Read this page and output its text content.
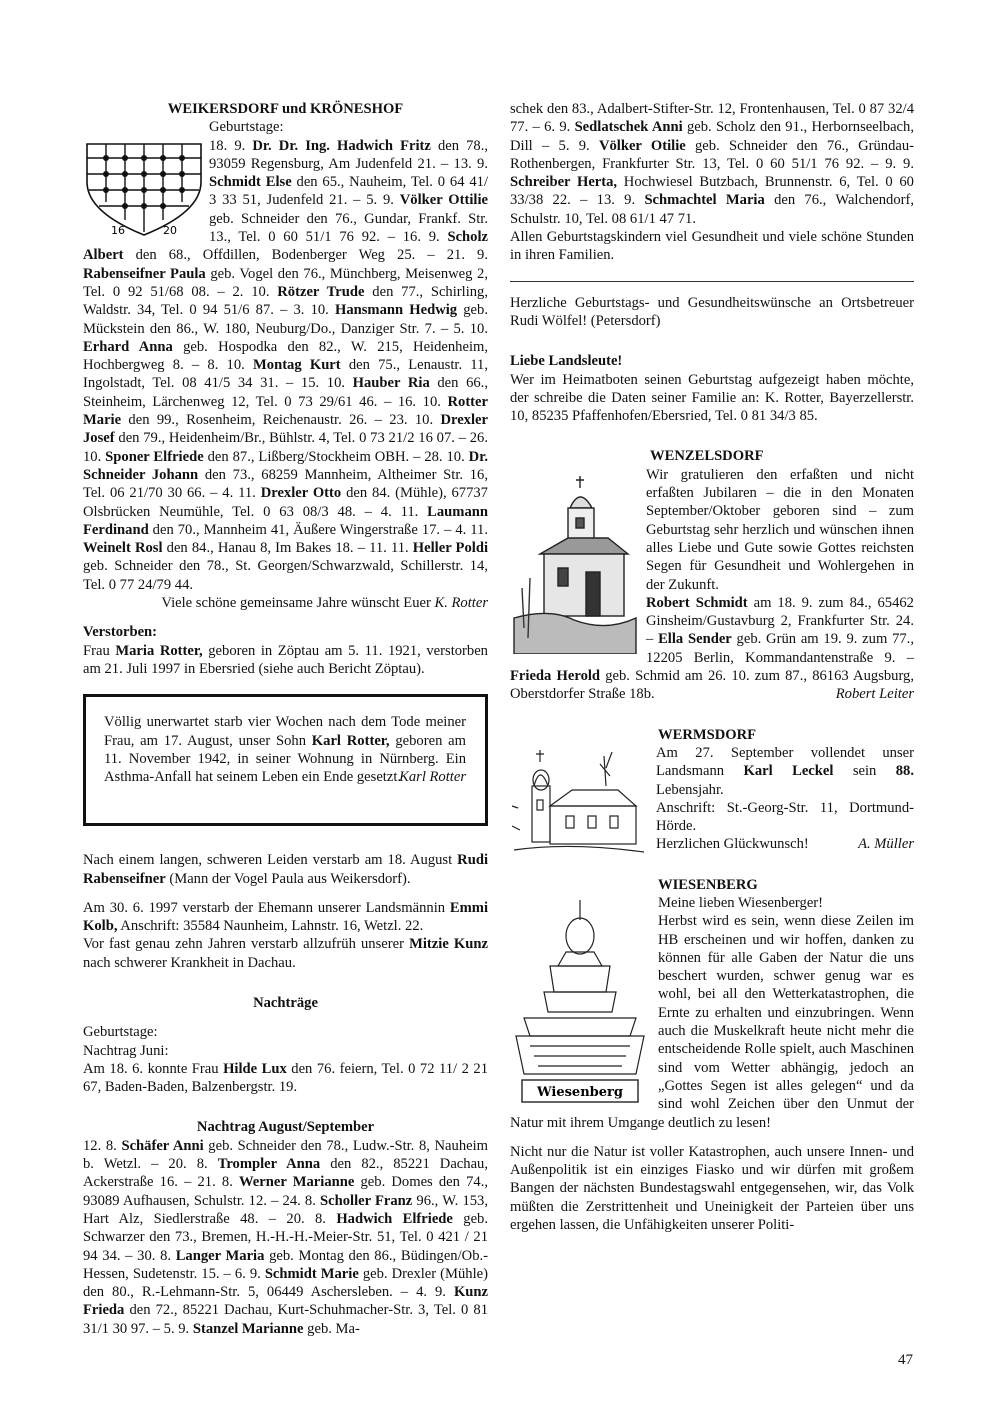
WEIKERSDORF und KRÖNESHOF
16	20

Geburtstage:
18. 9. Dr. Dr. Ing. Hadwich Fritz den 78., 93059 Regensburg, Am Judenfeld 21. – 13. 9. Schmidt Else den 65., Nauheim, Tel. 0 64 41/ 3 33 51, Judenfeld 21. – 5. 9. Völker Ottilie geb. Schneider den 76., Gundar, Frankf. Str. 13., Tel. 0 60 51/1 76 92. – 16. 9. Scholz Albert den 68., Offdillen, Bodenberger Weg 25. – 21. 9. Rabenseifner Paula geb. Vogel den 76., Münchberg, Meisenweg 2, Tel. 0 92 51/68 08. – 2. 10. Rötzer Trude den 77., Schirling, Waldstr. 34, Tel. 0 94 51/6 87. – 3. 10. Hansmann Hedwig geb. Mückstein den 86., W. 180, Neuburg/Do., Danziger Str. 7. – 5. 10. Erhard Anna geb. Hospodka den 82., W. 215, Heidenheim, Hochbergweg 8. – 8. 10. Montag Kurt den 75., Lenaustr. 11, Ingolstadt, Tel. 08 41/5 34 31. – 15. 10. Hauber Ria den 66., Steinheim, Lärchenweg 12, Tel. 0 73 29/61 46. – 16. 10. Rotter Marie den 99., Rosenheim, Reichenaustr. 26. – 23. 10. Drexler Josef den 79., Heidenheim/Br., Bühlstr. 4, Tel. 0 73 21/2 16 07. – 26. 10. Sponer Elfriede den 87., Lißberg/Stockheim OBH. – 28. 10. Dr. Schneider Johann den 73., 68259 Mannheim, Altheimer Str. 16, Tel. 06 21/70 30 66. – 4. 11. Drexler Otto den 84. (Mühle), 67737 Olsbrücken Neumühle, Tel. 0 63 08/3 48. – 4. 11. Laumann Ferdinand den 70., Mannheim 41, Äußere Wingerstraße 17. – 4. 11. Weinelt Rosl den 84., Hanau 8, Im Bakes 18. – 11. 11. Heller Poldi geb. Schneider den 78., St. Georgen/Schwarzwald, Schillerstr. 14, Tel. 0 77 24/79 44.

Viele schöne gemeinsame Jahre wünscht Euer K. Rotter

Verstorben:

Frau Maria Rotter, geboren in Zöptau am 5. 11. 1921, verstorben am 21. Juli 1997 in Ebersried (siehe auch Bericht Zöptau).

Völlig unerwartet starb vier Wochen nach dem Tode meiner Frau, am 17. August, unser Sohn Karl Rotter, geboren am 11. November 1942, in seiner Wohnung in Nürnberg. Ein Asthma-Anfall hat seinem Leben ein Ende gesetzt.

Karl Rotter

Nach einem langen, schweren Leiden verstarb am 18. August Rudi Rabenseifner (Mann der Vogel Paula aus Weikersdorf).

Am 30. 6. 1997 verstarb der Ehemann unserer Landsmännin Emmi Kolb, Anschrift: 35584 Naunheim, Lahnstr. 16, Wetzl. 22.

Vor fast genau zehn Jahren verstarb allzufrüh unserer Mitzie Kunz nach schwerer Krankheit in Dachau.

Nachträge
Geburtstage:
Nachtrag Juni:

Am 18. 6. konnte Frau Hilde Lux den 76. feiern, Tel. 0 72 11/ 2 21 67, Baden-Baden, Balzenbergstr. 19.

Nachtrag August/September

12. 8. Schäfer Anni geb. Schneider den 78., Ludw.-Str. 8, Nauheim b. Wetzl. – 20. 8. Trompler Anna den 82., 85221 Dachau, Ackerstraße 16. – 21. 8. Werner Marianne geb. Domes den 74., 93089 Aufhausen, Schulstr. 12. – 24. 8. Scholler Franz 96., W. 153, Hart Alz, Siedlerstraße 48. – 20. 8. Hadwich Elfriede geb. Schwarzer den 73., Bremen, H.-H.-H.-Meier-Str. 51, Tel. 0 421 / 21 94 34. – 30. 8. Langer Maria geb. Montag den 86., Büdingen/Ob.-Hessen, Sudetenstr. 15. – 6. 9. Schmidt Marie geb. Drexler (Mühle) den 80., R.-Lehmann-Str. 5, 06449 Aschersleben. – 4. 9. Kunz Frieda den 72., 85221 Dachau, Kurt-Schuhmacher-Str. 3, Tel. 0 81 31/1 30 97. – 5. 9. Stanzel Marianne geb. Ma-

schek den 83., Adalbert-Stifter-Str. 12, Frontenhausen, Tel. 0 87 32/4 77. – 6. 9. Sedlatschek Anni geb. Scholz den 91., Herbornseelbach, Dill – 5. 9. Völker Otilie geb. Schneider den 76., Gründau-Rothenbergen, Frankfurter Str. 13, Tel. 0 60 51/1 76 92. – 9. 9. Schreiber Herta, Hochwiesel Butzbach, Brunnenstr. 6, Tel. 0 60 33/38 22. – 13. 9. Schmachtel Maria den 76., Walchendorf, Schulstr. 10, Tel. 08 61/1 47 71.

Allen Geburtstagskindern viel Gesundheit und viele schöne Stunden in ihren Familien.

Herzliche Geburtstags- und Gesundheitswünsche an Ortsbetreuer Rudi Wölfel! (Petersdorf)

Liebe Landsleute!

Wer im Heimatboten seinen Geburtstag aufgezeigt haben möchte, der schreibe die Daten seiner Familie an: K. Rotter, Bayerzellerstr. 10, 85235 Pfaffenhofen/Ebersried, Tel. 0 81 34/3 85.

WENZELSDORF

Wir gratulieren den erfaßten und nicht erfaßten Jubilaren – die in den Monaten September/Oktober geboren sind – zum Geburtstag sehr herzlich und wünschen ihnen alles Liebe und Gute sowie Gottes reichsten Segen für Gesundheit und Wohlergehen in der Zukunft.

Robert Schmidt am 18. 9. zum 84., 65462 Ginsheim/Gustavburg 2, Frankfurter Str. 24. – Ella Sender geb. Grün am 19. 9. zum 77., 12205 Berlin, Kommandantenstraße 9. – Frieda Herold geb. Schmid am 26. 10. zum 87., 86163 Augsburg, Oberstdorfer Straße 18b.	Robert Leiter

WERMSDORF

Am 27. September vollendet unser Landsmann Karl Leckel sein 88. Lebensjahr.

Anschrift: St.-Georg-Str. 11, Dortmund-Hörde.

Herzlichen Glückwunsch!	A. Müller

WIESENBERG
Wiesenberg
Meine lieben Wiesenberger!

Herbst wird es sein, wenn diese Zeilen im HB erscheinen und wir hoffen, danken zu können für alle Gaben der Natur die uns beschert wurden, schwer genug war es wohl, bei all den Wetterkatastrophen, die Ernte zu erhalten und einzubringen. Wenn auch die Muskelkraft heute nicht mehr die entscheidende Rolle spielt, auch Maschinen sind vom Wetter abhängig, jedoch an „Gottes Segen ist alles gelegen“ und da sind wohl Zeichen über den Unmut der Natur mit ihrem Umgange deutlich zu lesen!

Nicht nur die Natur ist voller Katastrophen, auch unsere Innen- und Außenpolitik ist ein einziges Fiasko und wir dürfen mit großem Bangen der nächsten Bundestagswahl entgegensehen, wir, das Volk müßten die Zerstrittenheit und Uneinigkeit der Parteien über uns ergehen lassen, die Unfähigkeiten unserer Politi-

47
